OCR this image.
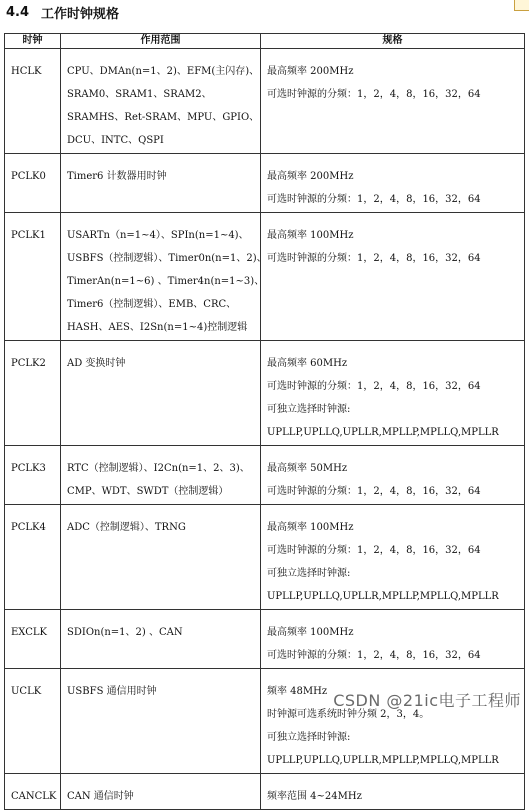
4.4 工作时钟规格
时钟	作用范围	规格

HCLK	CPU、DMAn(n=1、2)、EFM(主闪存)、
SRAM0、SRAM1、SRAM2、
SRAMHS、Ret-SRAM、MPU、GPIO、
DCU、INTC、QSPI	最高频率 200MHz
可选时钟源的分频：1，2，4，8，16，32，64

PCLK0	Timer6 计数器用时钟	最高频率 200MHz
可选时钟源的分频：1，2，4，8，16，32，64

PCLK1	USARTn（n=1~4）、SPIn(n=1~4)、
USBFS（控制逻辑）、Timer0n(n=1、2)、
TimerAn(n=1~6) 、Timer4n(n=1~3)、
Timer6（控制逻辑）、EMB、CRC、
HASH、AES、I2Sn(n=1~4)控制逻辑	最高频率 100MHz
可选时钟源的分频：1，2，4，8，16，32，64

PCLK2	AD 变换时钟	最高频率 60MHz
可选时钟源的分频：1，2，4，8，16，32，64
可独立选择时钟源:
UPLLP,UPLLQ,UPLLR,MPLLP,MPLLQ,MPLLR

PCLK3	RTC（控制逻辑）、I2Cn(n=1、2、3)、
CMP、WDT、SWDT（控制逻辑）	最高频率 50MHz
可选时钟源的分频：1，2，4，8，16，32，64

PCLK4	ADC（控制逻辑）、TRNG	最高频率 100MHz
可选时钟源的分频：1，2，4，8，16，32，64
可独立选择时钟源:
UPLLP,UPLLQ,UPLLR,MPLLP,MPLLQ,MPLLR

EXCLK	SDIOn(n=1、2) 、CAN	最高频率 100MHz
可选时钟源的分频：1，2，4，8，16，32，64

UCLK	USBFS 通信用时钟	频率 48MHz
时钟源可选系统时钟分频 2，3，4。
可独立选择时钟源:
UPLLP,UPLLQ,UPLLR,MPLLP,MPLLQ,MPLLR

CANCLK	CAN 通信时钟	频率范围 4~24MHz
CSDN @21ic电子工程师
